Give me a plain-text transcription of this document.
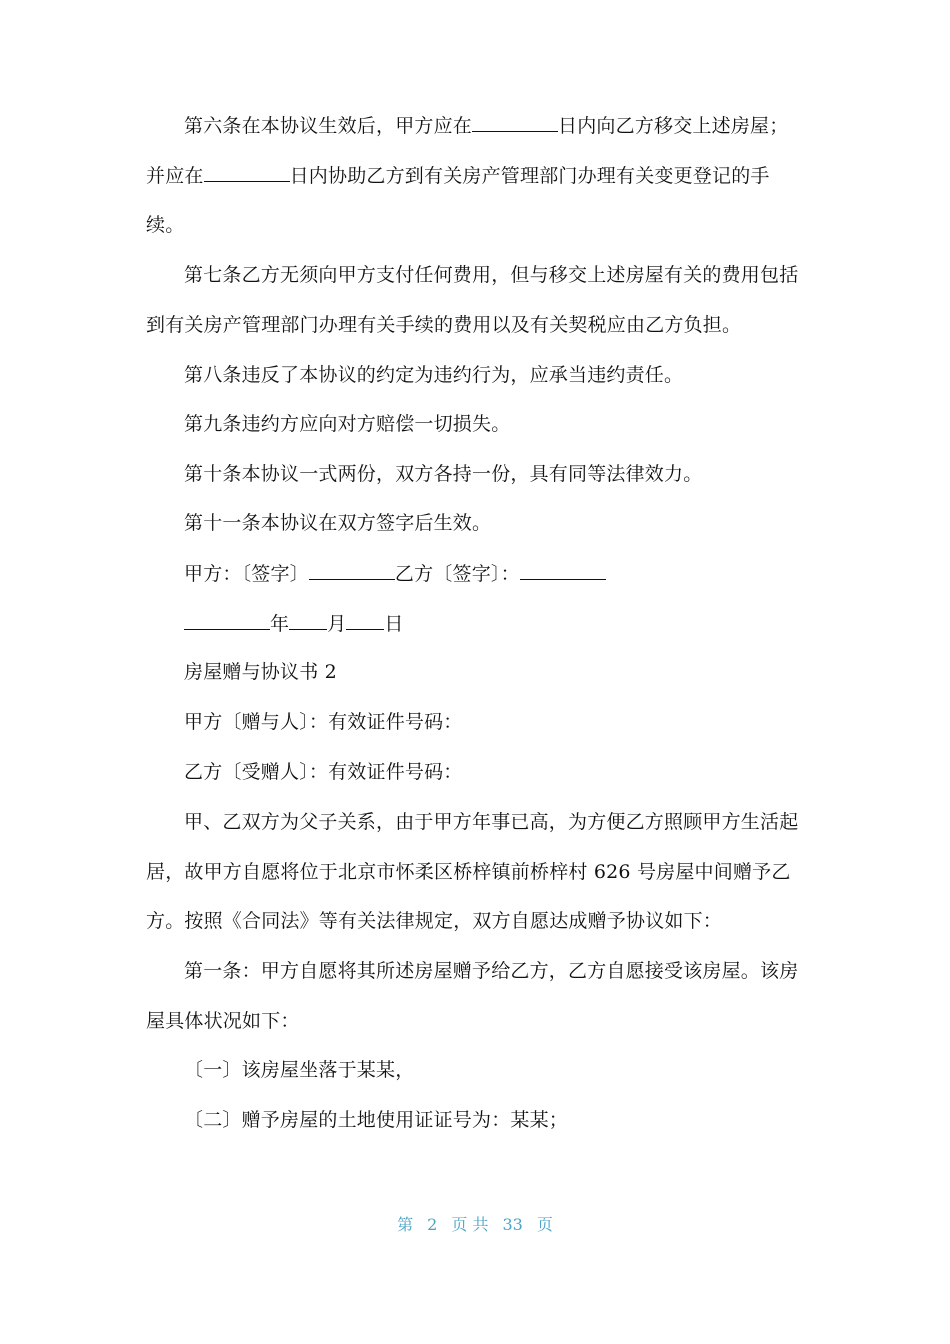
第六条在本协议生效后，甲方应在	日内向乙方移交上述房屋；
并应在	日内协助乙方到有关房产管理部门办理有关变更登记的手
续。
第七条乙方无须向甲方支付任何费用，但与移交上述房屋有关的费用包括
到有关房产管理部门办理有关手续的费用以及有关契税应由乙方负担。
第八条违反了本协议的约定为违约行为，应承当违约责任。
第九条违约方应向对方赔偿一切损失。
第十条本协议一式两份，双方各持一份，具有同等法律效力。
第十一条本协议在双方签字后生效。
甲方：〔签字〕	乙方〔签字〕：
年 月 日
房屋赠与协议书 2
甲方〔赠与人〕：有效证件号码：
乙方〔受赠人〕：有效证件号码：
甲、乙双方为父子关系，由于甲方年事已高，为方便乙方照顾甲方生活起
居，故甲方自愿将位于北京市怀柔区桥梓镇前桥梓村 626 号房屋中间赠予乙
方。按照《合同法》等有关法律规定，双方自愿达成赠予协议如下：
第一条：甲方自愿将其所述房屋赠予给乙方，乙方自愿接受该房屋。该房
屋具体状况如下：
〔一〕该房屋坐落于某某，
〔二〕赠予房屋的土地使用证证号为：某某；
第 2 页 共 33 页
